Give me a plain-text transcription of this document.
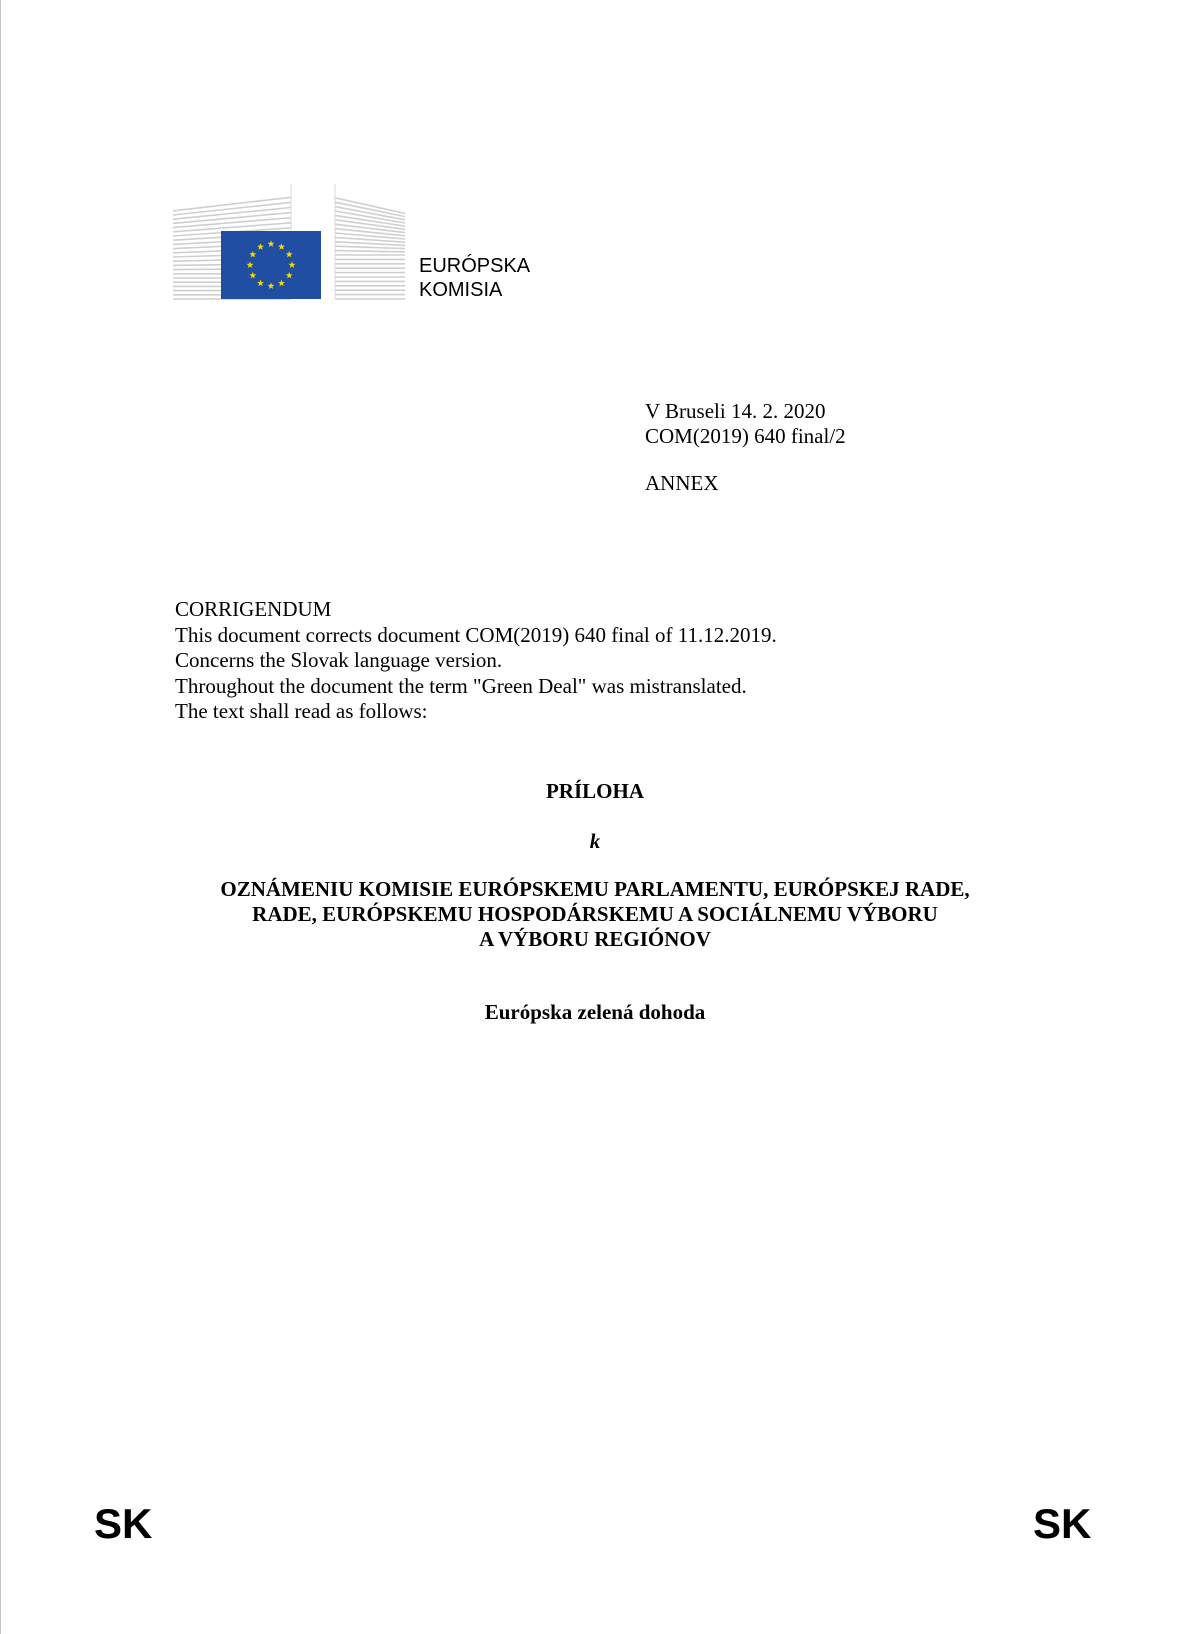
EURÓPSKA
KOMISIA
V Bruseli 14. 2. 2020
COM(2019) 640 final/2
ANNEX
CORRIGENDUM
This document corrects document COM(2019) 640 final of 11.12.2019.
Concerns the Slovak language version.
Throughout the document the term "Green Deal" was mistranslated.
The text shall read as follows:
PRÍLOHA
k
OZNÁMENIU KOMISIE EURÓPSKEMU PARLAMENTU, EURÓPSKEJ RADE,
RADE, EURÓPSKEMU HOSPODÁRSKEMU A SOCIÁLNEMU VÝBORU
A VÝBORU REGIÓNOV
Európska zelená dohoda
SK	SK
